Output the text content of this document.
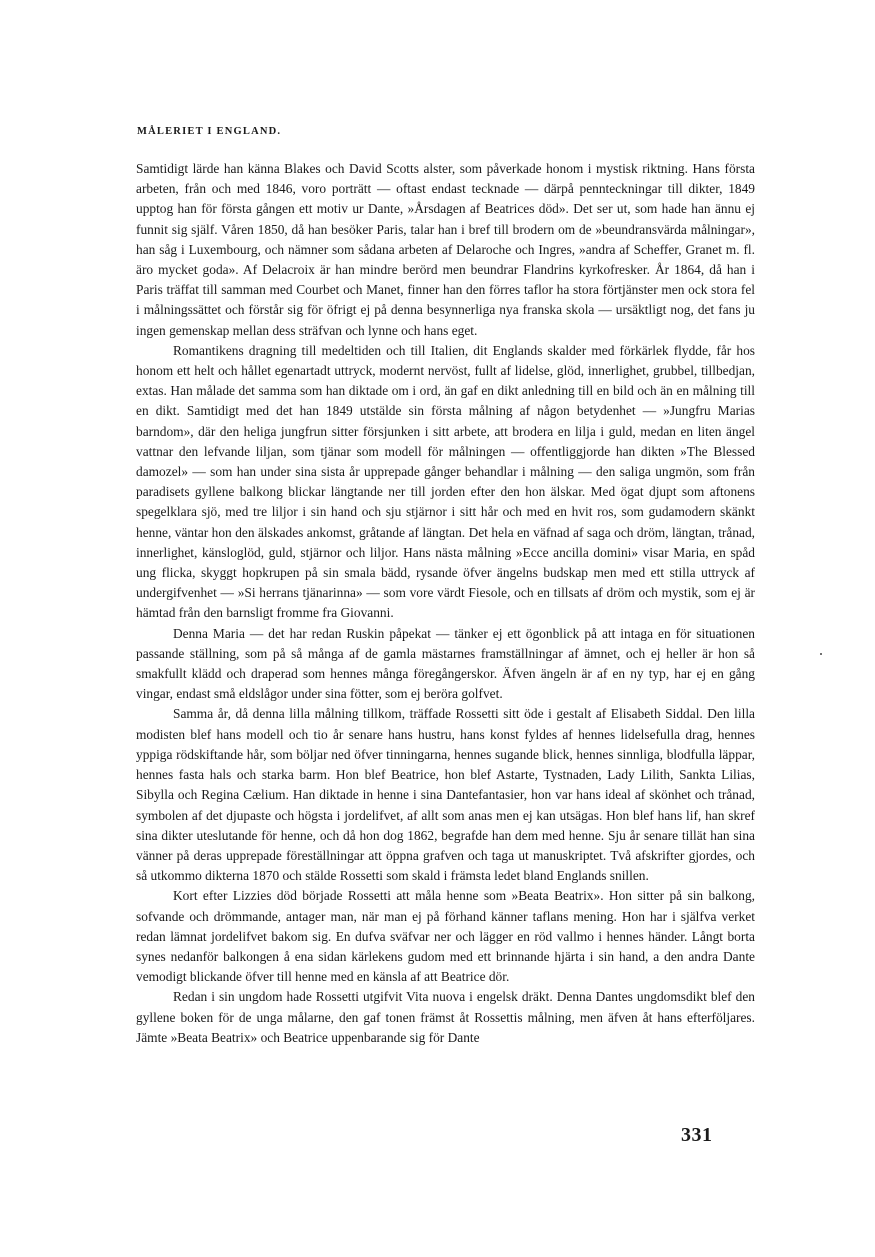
MÅLERIET I ENGLAND.

Samtidigt lärde han känna Blakes och David Scotts alster, som påverkade honom i mystisk riktning. Hans första arbeten, från och med 1846, voro porträtt — oftast endast tecknade — därpå pennteckningar till dikter, 1849 upptog han för första gången ett motiv ur Dante, »Årsdagen af Beatrices död». Det ser ut, som hade han ännu ej funnit sig själf. Våren 1850, då han besöker Paris, talar han i bref till brodern om de »beundransvärda målningar», han såg i Luxembourg, och nämner som sådana arbeten af Delaroche och Ingres, »andra af Scheffer, Granet m. fl. äro mycket goda». Af Delacroix är han mindre berörd men beundrar Flandrins kyrkofresker. År 1864, då han i Paris träffat till samman med Courbet och Manet, finner han den förres taflor ha stora förtjänster men ock stora fel i målningssättet och förstår sig för öfrigt ej på denna besynnerliga nya franska skola — ursäktligt nog, det fans ju ingen gemenskap mellan dess sträfvan och lynne och hans eget.

Romantikens dragning till medeltiden och till Italien, dit Englands skalder med förkärlek flydde, får hos honom ett helt och hållet egenartadt uttryck, modernt nervöst, fullt af lidelse, glöd, innerlighet, grubbel, tillbedjan, extas. Han målade det samma som han diktade om i ord, än gaf en dikt anledning till en bild och än en målning till en dikt. Samtidigt med det han 1849 utstälde sin första målning af någon betydenhet — »Jungfru Marias barndom», där den heliga jungfrun sitter försjunken i sitt arbete, att brodera en lilja i guld, medan en liten ängel vattnar den lefvande liljan, som tjänar som modell för målningen — offentliggjorde han dikten »The Blessed damozel» — som han under sina sista år upprepade gånger behandlar i målning — den saliga ungmön, som från paradisets gyllene balkong blickar längtande ner till jorden efter den hon älskar. Med ögat djupt som aftonens spegelklara sjö, med tre liljor i sin hand och sju stjärnor i sitt hår och med en hvit ros, som gudamodern skänkt henne, väntar hon den älskades ankomst, gråtande af längtan. Det hela en väfnad af saga och dröm, längtan, trånad, innerlighet, känsloglöd, guld, stjärnor och liljor. Hans nästa målning »Ecce ancilla domini» visar Maria, en spåd ung flicka, skyggt hopkrupen på sin smala bädd, rysande öfver ängelns budskap men med ett stilla uttryck af undergifvenhet — »Si herrans tjänarinna» — som vore värdt Fiesole, och en tillsats af dröm och mystik, som ej är hämtad från den barnsligt fromme fra Giovanni.

Denna Maria — det har redan Ruskin påpekat — tänker ej ett ögonblick på att intaga en för situationen passande ställning, som på så många af de gamla mästarnes framställningar af ämnet, och ej heller är hon så smakfullt klädd och draperad som hennes många föregångerskor. Äfven ängeln är af en ny typ, har ej en gång vingar, endast små eldslågor under sina fötter, som ej beröra golfvet.

Samma år, då denna lilla målning tillkom, träffade Rossetti sitt öde i gestalt af Elisabeth Siddal. Den lilla modisten blef hans modell och tio år senare hans hustru, hans konst fyldes af hennes lidelsefulla drag, hennes yppiga rödskiftande hår, som böljar ned öfver tinningarna, hennes sugande blick, hennes sinnliga, blodfulla läppar, hennes fasta hals och starka barm. Hon blef Beatrice, hon blef Astarte, Tystnaden, Lady Lilith, Sankta Lilias, Sibylla och Regina Cælium. Han diktade in henne i sina Dantefantasier, hon var hans ideal af skönhet och trånad, symbolen af det djupaste och högsta i jordelifvet, af allt som anas men ej kan utsägas. Hon blef hans lif, han skref sina dikter uteslutande för henne, och då hon dog 1862, begrafde han dem med henne. Sju år senare tillät han sina vänner på deras upprepade föreställningar att öppna grafven och taga ut manuskriptet. Två afskrifter gjordes, och så utkommo dikterna 1870 och stälde Rossetti som skald i främsta ledet bland Englands snillen.

Kort efter Lizzies död började Rossetti att måla henne som »Beata Beatrix». Hon sitter på sin balkong, sofvande och drömmande, antager man, när man ej på förhand känner taflans mening. Hon har i själfva verket redan lämnat jordelifvet bakom sig. En dufva sväfvar ner och lägger en röd vallmo i hennes händer. Långt borta synes nedanför balkongen å ena sidan kärlekens gudom med ett brinnande hjärta i sin hand, a den andra Dante vemodigt blickande öfver till henne med en känsla af att Beatrice dör.

Redan i sin ungdom hade Rossetti utgifvit Vita nuova i engelsk dräkt. Denna Dantes ungdomsdikt blef den gyllene boken för de unga målarne, den gaf tonen främst åt Rossettis målning, men äfven åt hans efterföljares. Jämte »Beata Beatrix» och Beatrice uppenbarande sig för Dante

331
